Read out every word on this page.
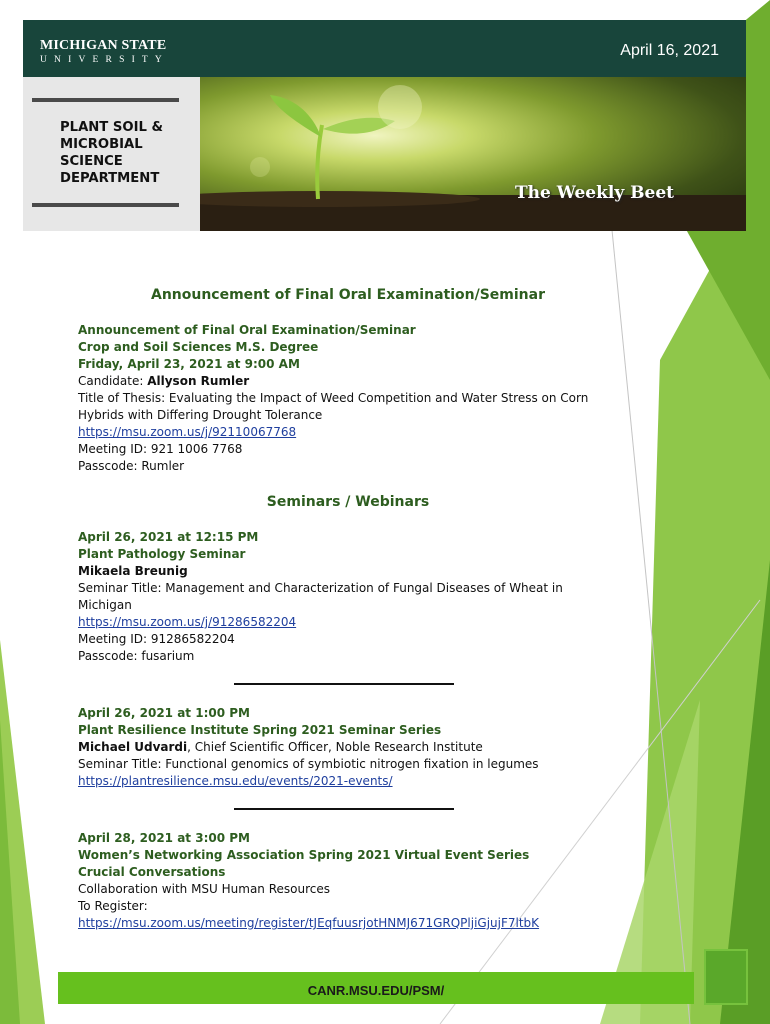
MICHIGAN STATE
UNIVERSITY
April 16, 2021
PLANT SOIL & MICROBIAL SCIENCE DEPARTMENT
The Weekly Beet
Announcement of Final Oral Examination/Seminar

Announcement of Final Oral Examination/Seminar

Crop and Soil Sciences M.S. Degree

Friday, April 23, 2021 at 9:00 AM

Candidate: Allyson Rumler

Title of Thesis: Evaluating the Impact of Weed Competition and Water Stress on Corn Hybrids with Differing Drought Tolerance

https://msu.zoom.us/j/92110067768

Meeting ID: 921 1006 7768

Passcode: Rumler

Seminars / Webinars

April 26, 2021 at 12:15 PM

Plant Pathology Seminar

Mikaela Breunig

Seminar Title: Management and Characterization of Fungal Diseases of Wheat in Michigan

https://msu.zoom.us/j/91286582204

Meeting ID: 91286582204

Passcode: fusarium

April 26, 2021 at 1:00 PM

Plant Resilience Institute Spring 2021 Seminar Series

Michael Udvardi, Chief Scientific Officer, Noble Research Institute

Seminar Title: Functional genomics of symbiotic nitrogen fixation in legumes

https://plantresilience.msu.edu/events/2021-events/

April 28, 2021 at 3:00 PM

Women’s Networking Association Spring 2021 Virtual Event Series

Crucial Conversations

Collaboration with MSU Human Resources

To Register:

https://msu.zoom.us/meeting/register/tJEqfuusrjotHNMJ671GRQPljiGjujF7ltbK

CANR.MSU.EDU/PSM/
